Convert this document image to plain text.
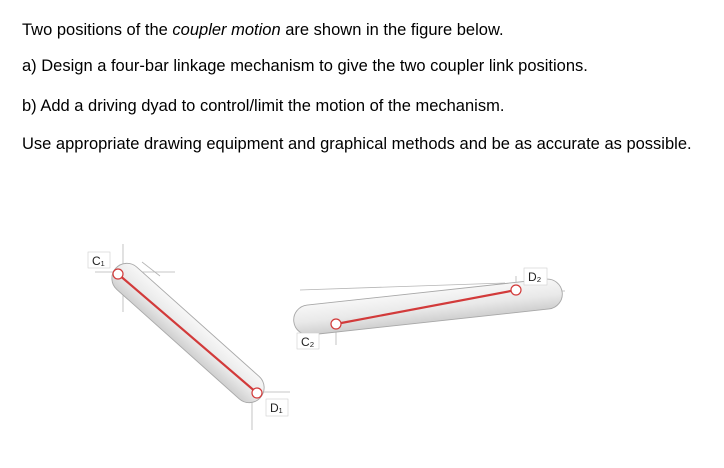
Two positions of the coupler motion are shown in the figure below.
a) Design a four-bar linkage mechanism to give the two coupler link positions.
b) Add a driving dyad to control/limit the motion of the mechanism.
Use appropriate drawing equipment and graphical methods and be as accurate as possible.
C₁
D₁
C₂
D₂
